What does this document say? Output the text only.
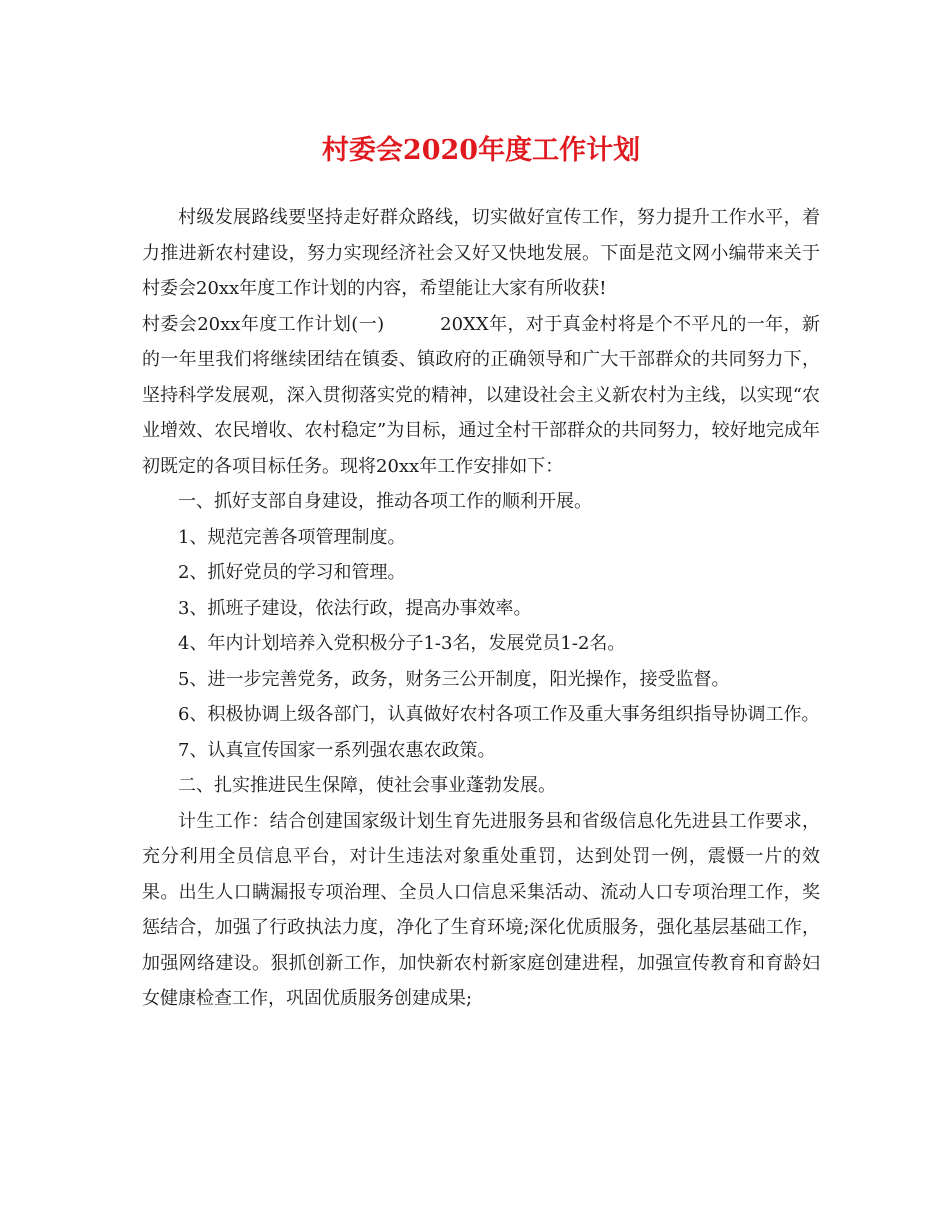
村委会2020年度工作计划

村级发展路线要坚持走好群众路线，切实做好宣传工作，努力提升工作水平，着力推进新农村建设，努力实现经济社会又好又快地发展。下面是范文网小编带来关于村委会20xx年度工作计划的内容，希望能让大家有所收获!

村委会20xx年度工作计划(一)	20XX年，对于真金村将是个不平凡的一年，新的一年里我们将继续团结在镇委、镇政府的正确领导和广大干部群众的共同努力下，坚持科学发展观，深入贯彻落实党的精神，以建设社会主义新农村为主线，以实现“农业增效、农民增收、农村稳定”为目标，通过全村干部群众的共同努力，较好地完成年初既定的各项目标任务。现将20xx年工作安排如下：

一、抓好支部自身建设，推动各项工作的顺利开展。

1、规范完善各项管理制度。

2、抓好党员的学习和管理。

3、抓班子建设，依法行政，提高办事效率。

4、年内计划培养入党积极分子1-3名，发展党员1-2名。

5、进一步完善党务，政务，财务三公开制度，阳光操作，接受监督。

6、积极协调上级各部门，认真做好农村各项工作及重大事务组织指导协调工作。

7、认真宣传国家一系列强农惠农政策。

二、扎实推进民生保障，使社会事业蓬勃发展。

计生工作：结合创建国家级计划生育先进服务县和省级信息化先进县工作要求，充分利用全员信息平台，对计生违法对象重处重罚，达到处罚一例，震慑一片的效果。出生人口瞒漏报专项治理、全员人口信息采集活动、流动人口专项治理工作，奖惩结合，加强了行政执法力度，净化了生育环境;深化优质服务，强化基层基础工作，加强网络建设。狠抓创新工作，加快新农村新家庭创建进程，加强宣传教育和育龄妇女健康检查工作，巩固优质服务创建成果;
